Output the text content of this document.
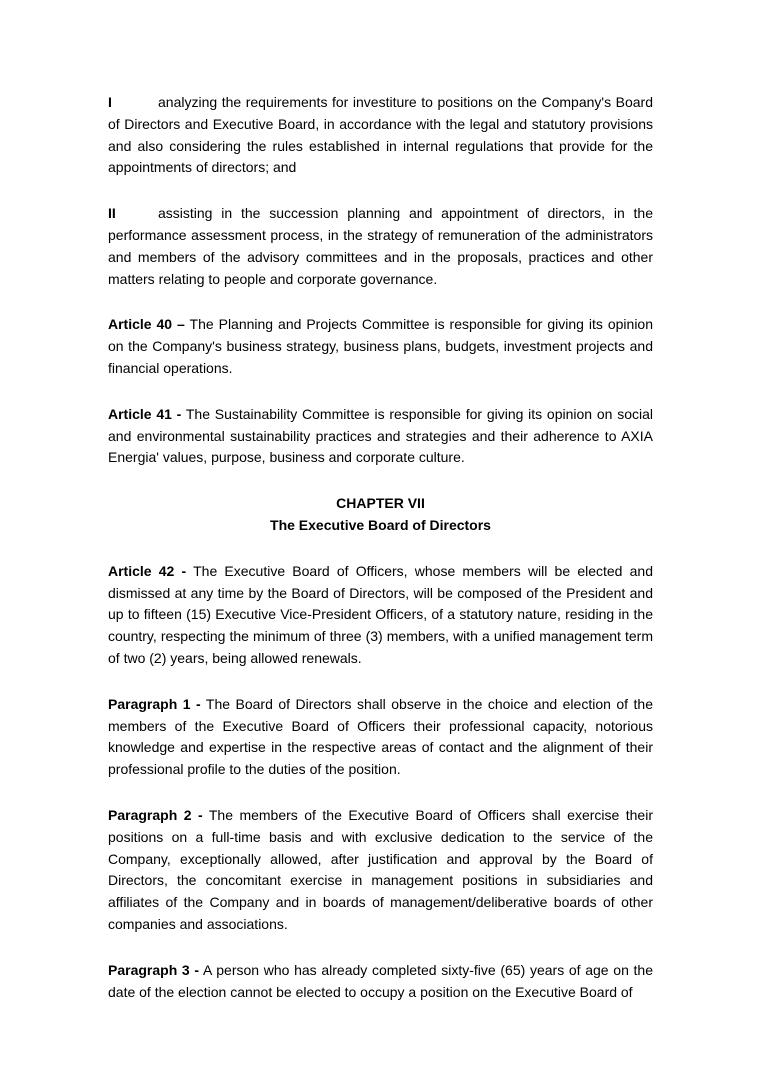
I	analyzing the requirements for investiture to positions on the Company's Board of Directors and Executive Board, in accordance with the legal and statutory provisions and also considering the rules established in internal regulations that provide for the appointments of directors; and

II	assisting in the succession planning and appointment of directors, in the performance assessment process, in the strategy of remuneration of the administrators and members of the advisory committees and in the proposals, practices and other matters relating to people and corporate governance.

Article 40 – The Planning and Projects Committee is responsible for giving its opinion on the Company's business strategy, business plans, budgets, investment projects and financial operations.

Article 41 - The Sustainability Committee is responsible for giving its opinion on social and environmental sustainability practices and strategies and their adherence to AXIA Energia' values, purpose, business and corporate culture.

CHAPTER VII

The Executive Board of Directors

Article 42 - The Executive Board of Officers, whose members will be elected and dismissed at any time by the Board of Directors, will be composed of the President and up to fifteen (15) Executive Vice-President Officers, of a statutory nature, residing in the country, respecting the minimum of three (3) members, with a unified management term of two (2) years, being allowed renewals.

Paragraph 1 - The Board of Directors shall observe in the choice and election of the members of the Executive Board of Officers their professional capacity, notorious knowledge and expertise in the respective areas of contact and the alignment of their professional profile to the duties of the position.

Paragraph 2 - The members of the Executive Board of Officers shall exercise their positions on a full-time basis and with exclusive dedication to the service of the Company, exceptionally allowed, after justification and approval by the Board of Directors, the concomitant exercise in management positions in subsidiaries and affiliates of the Company and in boards of management/deliberative boards of other companies and associations.

Paragraph 3 - A person who has already completed sixty-five (65) years of age on the date of the election cannot be elected to occupy a position on the Executive Board of
